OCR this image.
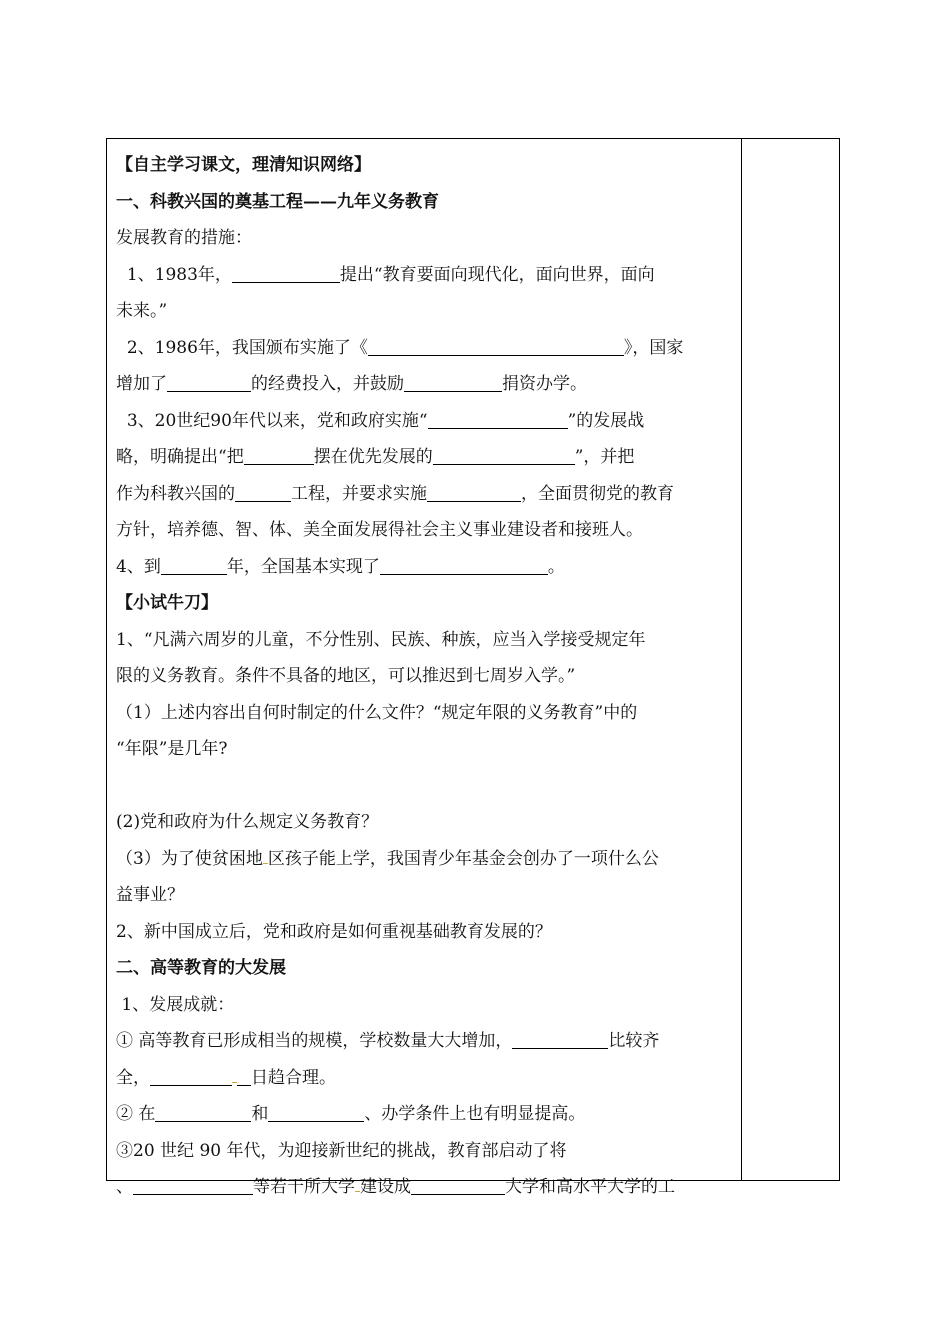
【自主学习课文，理清知识网络】
一、科教兴国的奠基工程——九年义务教育
发展教育的措施：
1、1983年，	提出“教育要面向现代化，面向世界，面向
未来。”
2、1986年，我国颁布实施了《	》，国家
增加了	的经费投入，并鼓励	捐资办学。
3、20世纪90年代以来，党和政府实施“	”的发展战
略，明确提出“把	摆在优先发展的	”，并把
作为科教兴国的	工程，并要求实施	，全面贯彻党的教育
方针，培养德、智、体、美全面发展得社会主义事业建设者和接班人。
4、到	年，全国基本实现了	。
【小试牛刀】
1、“凡满六周岁的儿童，不分性别、民族、种族，应当入学接受规定年
限的义务教育。条件不具备的地区，可以推迟到七周岁入学。”
（1）上述内容出自何时制定的什么文件？“规定年限的义务教育”中的
“年限”是几年?
(2)党和政府为什么规定义务教育？
（3）为了使贫困地 区孩子能上学，我国青少年基金会创办了一项什么公
益事业？
2、新中国成立后，党和政府是如何重视基础教育发展的？
二、高等教育的大发展
1、发展成就：
① 高等教育已形成相当的规模，学校数量大大增加，	比较齐
全，	日趋合理。
② 在	和	、办学条件上也有明显提高。
③20 世纪 90 年代，为迎接新世纪的挑战，教育部启动了将
、	等若干所大学 建设成	大学和高水平大学的工
